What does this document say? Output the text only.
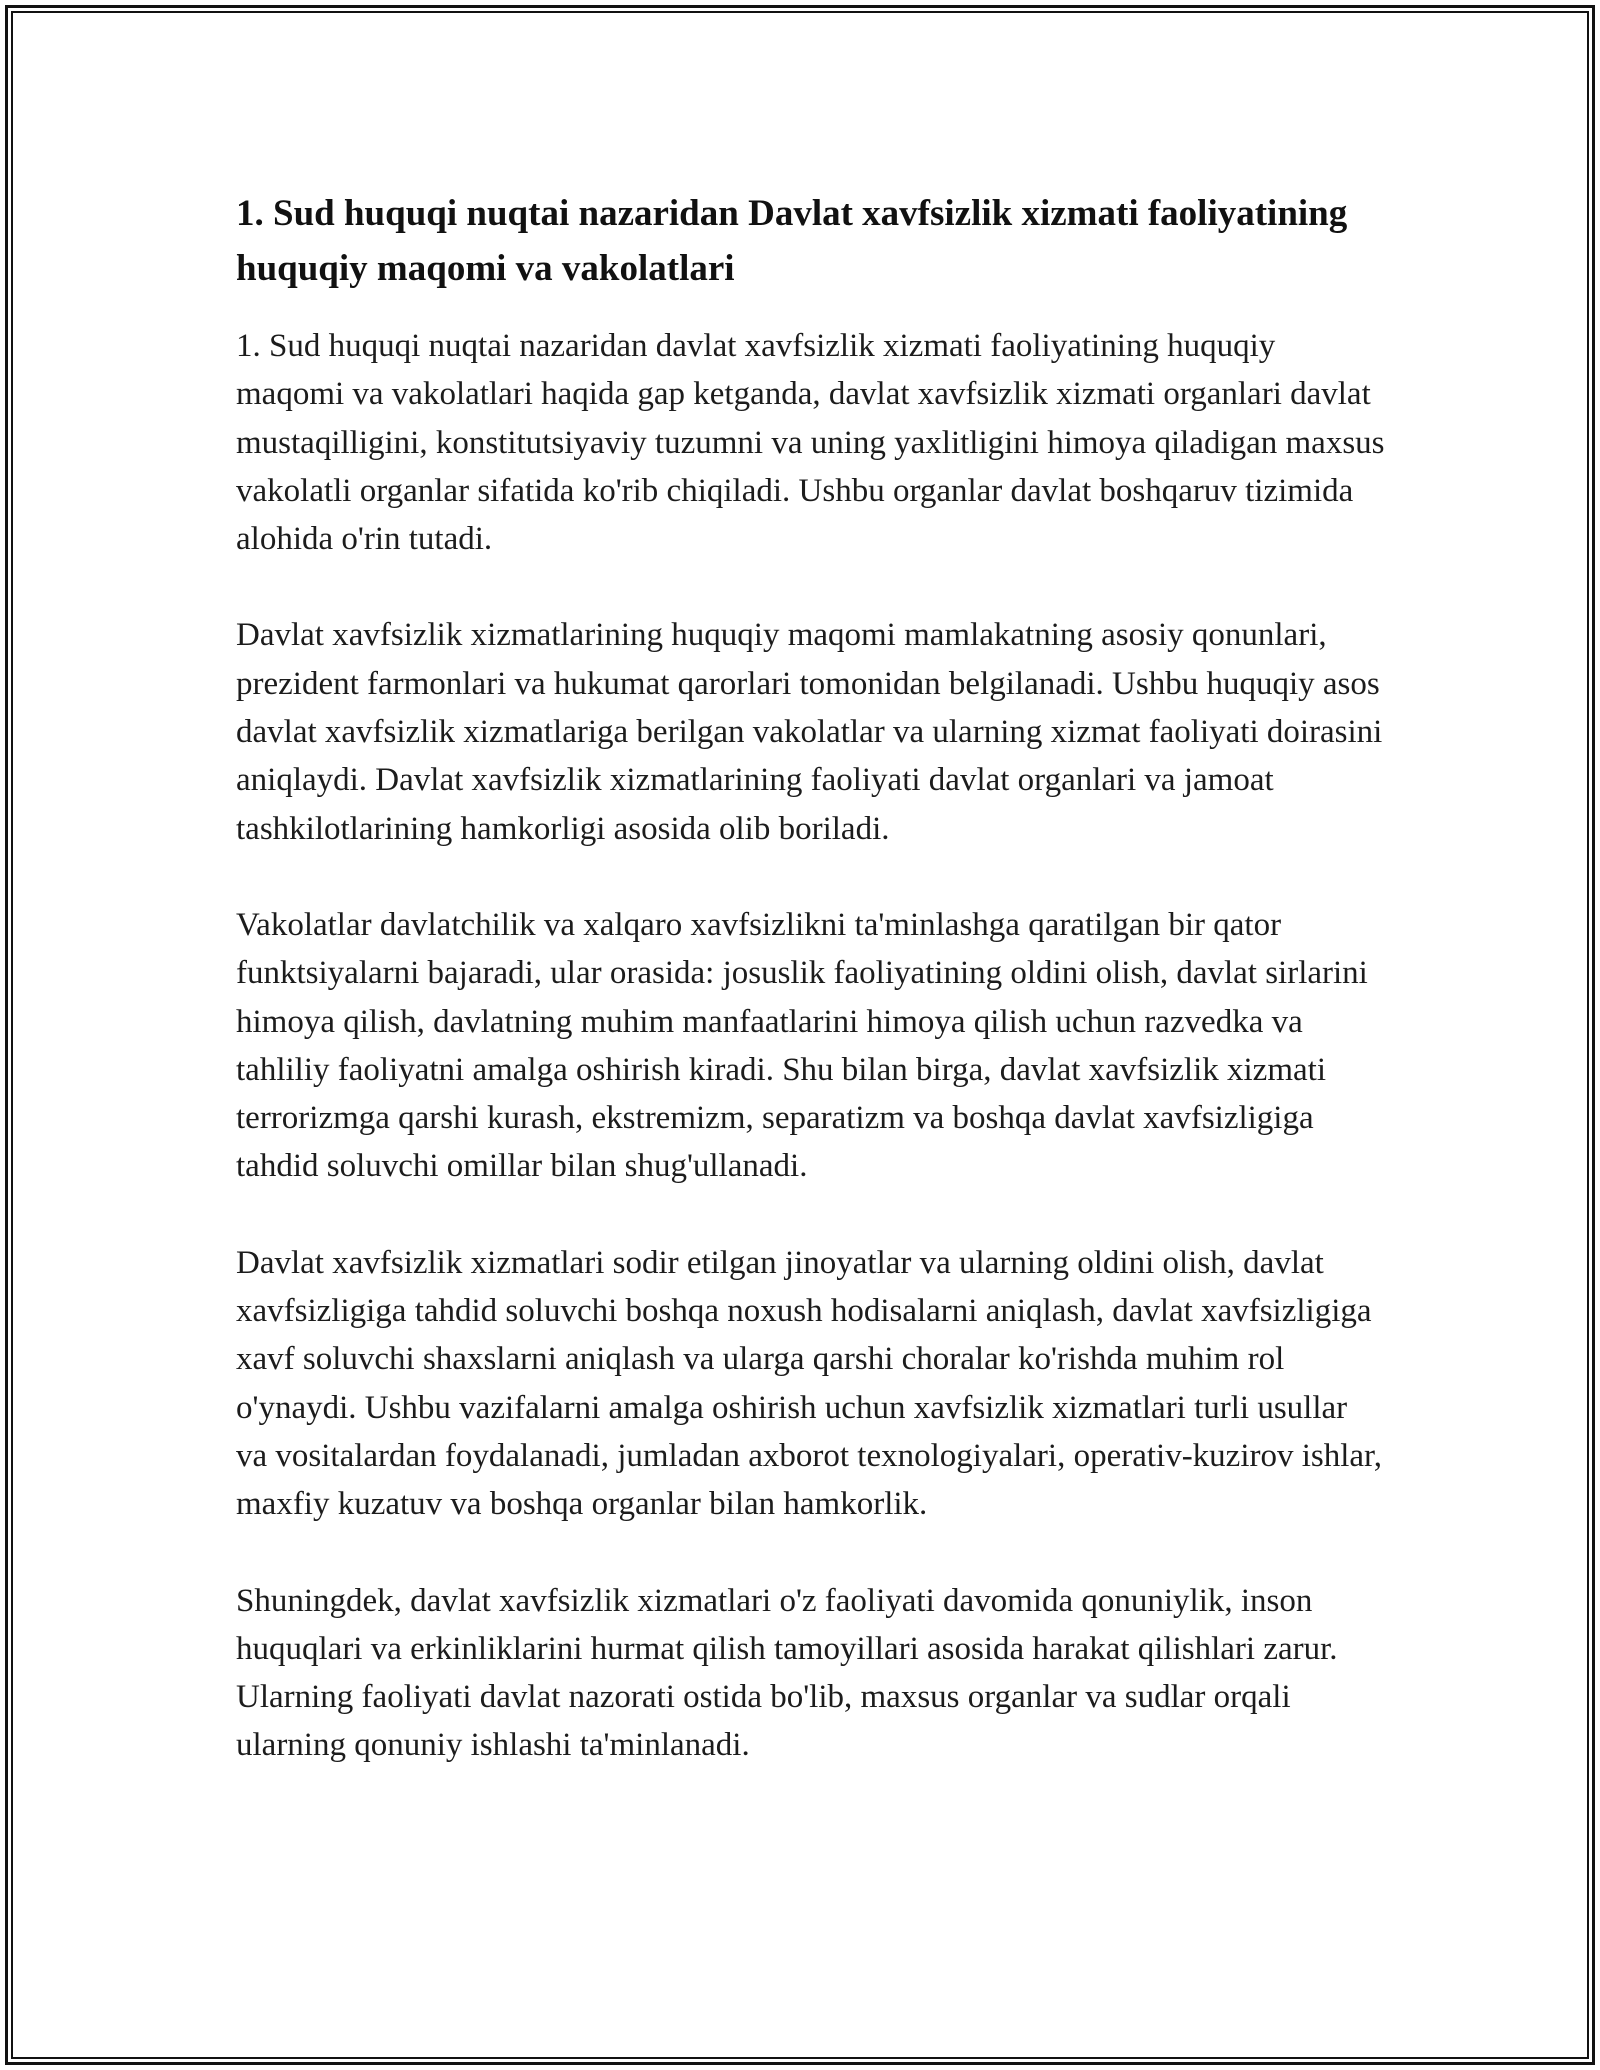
1. Sud huquqi nuqtai nazaridan Davlat xavfsizlik xizmati faoliyatining huquqiy maqomi va vakolatlari

1. Sud huquqi nuqtai nazaridan davlat xavfsizlik xizmati faoliyatining huquqiy maqomi va vakolatlari haqida gap ketganda, davlat xavfsizlik xizmati organlari davlat mustaqilligini, konstitutsiyaviy tuzumni va uning yaxlitligini himoya qiladigan maxsus vakolatli organlar sifatida ko'rib chiqiladi. Ushbu organlar davlat boshqaruv tizimida alohida o'rin tutadi.

Davlat xavfsizlik xizmatlarining huquqiy maqomi mamlakatning asosiy qonunlari, prezident farmonlari va hukumat qarorlari tomonidan belgilanadi. Ushbu huquqiy asos davlat xavfsizlik xizmatlariga berilgan vakolatlar va ularning xizmat faoliyati doirasini aniqlaydi. Davlat xavfsizlik xizmatlarining faoliyati davlat organlari va jamoat tashkilotlarining hamkorligi asosida olib boriladi.

Vakolatlar davlatchilik va xalqaro xavfsizlikni ta'minlashga qaratilgan bir qator funktsiyalarni bajaradi, ular orasida: josuslik faoliyatining oldini olish, davlat sirlarini himoya qilish, davlatning muhim manfaatlarini himoya qilish uchun razvedka va tahliliy faoliyatni amalga oshirish kiradi. Shu bilan birga, davlat xavfsizlik xizmati terrorizmga qarshi kurash, ekstremizm, separatizm va boshqa davlat xavfsizligiga tahdid soluvchi omillar bilan shug'ullanadi.

Davlat xavfsizlik xizmatlari sodir etilgan jinoyatlar va ularning oldini olish, davlat xavfsizligiga tahdid soluvchi boshqa noxush hodisalarni aniqlash, davlat xavfsizligiga xavf soluvchi shaxslarni aniqlash va ularga qarshi choralar ko'rishda muhim rol o'ynaydi. Ushbu vazifalarni amalga oshirish uchun xavfsizlik xizmatlari turli usullar va vositalardan foydalanadi, jumladan axborot texnologiyalari, operativ-kuzirov ishlar, maxfiy kuzatuv va boshqa organlar bilan hamkorlik.

Shuningdek, davlat xavfsizlik xizmatlari o'z faoliyati davomida qonuniylik, inson huquqlari va erkinliklarini hurmat qilish tamoyillari asosida harakat qilishlari zarur. Ularning faoliyati davlat nazorati ostida bo'lib, maxsus organlar va sudlar orqali ularning qonuniy ishlashi ta'minlanadi.
